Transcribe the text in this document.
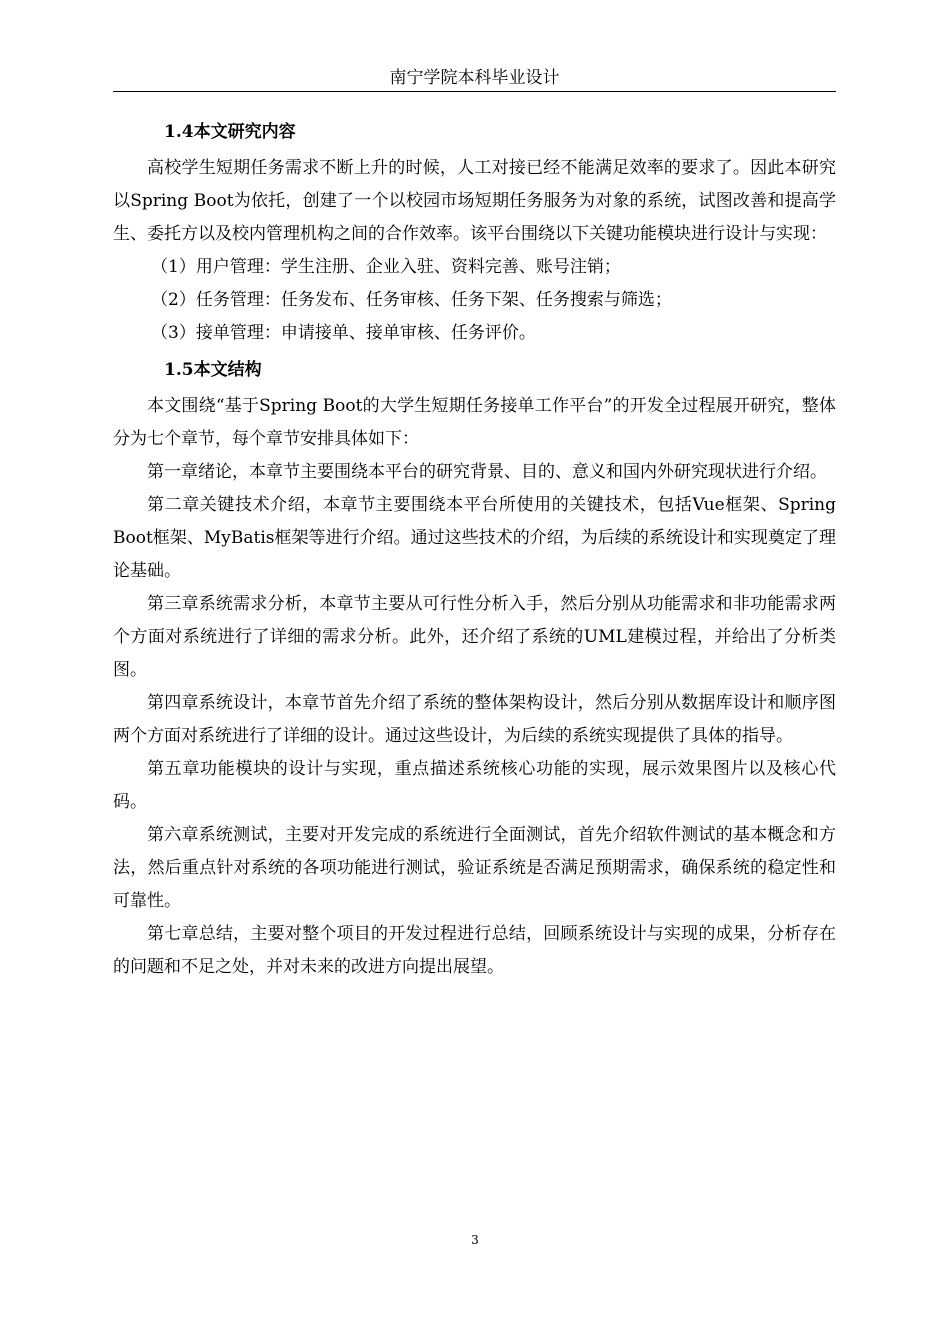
南宁学院本科毕业设计
1.4本文研究内容

高校学生短期任务需求不断上升的时候，人工对接已经不能满足效率的要求了。因此本研究以Spring Boot为依托，创建了一个以校园市场短期任务服务为对象的系统，试图改善和提高学生、委托方以及校内管理机构之间的合作效率。该平台围绕以下关键功能模块进行设计与实现：

（1）用户管理：学生注册、企业入驻、资料完善、账号注销；

（2）任务管理：任务发布、任务审核、任务下架、任务搜索与筛选；

（3）接单管理：申请接单、接单审核、任务评价。

1.5本文结构

本文围绕“基于Spring Boot的大学生短期任务接单工作平台”的开发全过程展开研究，整体分为七个章节，每个章节安排具体如下：

第一章绪论，本章节主要围绕本平台的研究背景、目的、意义和国内外研究现状进行介绍。

第二章关键技术介绍，本章节主要围绕本平台所使用的关键技术，包括Vue框架、Spring Boot框架、MyBatis框架等进行介绍。通过这些技术的介绍，为后续的系统设计和实现奠定了理论基础。

第三章系统需求分析，本章节主要从可行性分析入手，然后分别从功能需求和非功能需求两个方面对系统进行了详细的需求分析。此外，还介绍了系统的UML建模过程，并给出了分析类图。

第四章系统设计，本章节首先介绍了系统的整体架构设计，然后分别从数据库设计和顺序图两个方面对系统进行了详细的设计。通过这些设计，为后续的系统实现提供了具体的指导。

第五章功能模块的设计与实现，重点描述系统核心功能的实现，展示效果图片以及核心代码。

第六章系统测试，主要对开发完成的系统进行全面测试，首先介绍软件测试的基本概念和方法，然后重点针对系统的各项功能进行测试，验证系统是否满足预期需求，确保系统的稳定性和可靠性。

第七章总结，主要对整个项目的开发过程进行总结，回顾系统设计与实现的成果，分析存在的问题和不足之处，并对未来的改进方向提出展望。

3
